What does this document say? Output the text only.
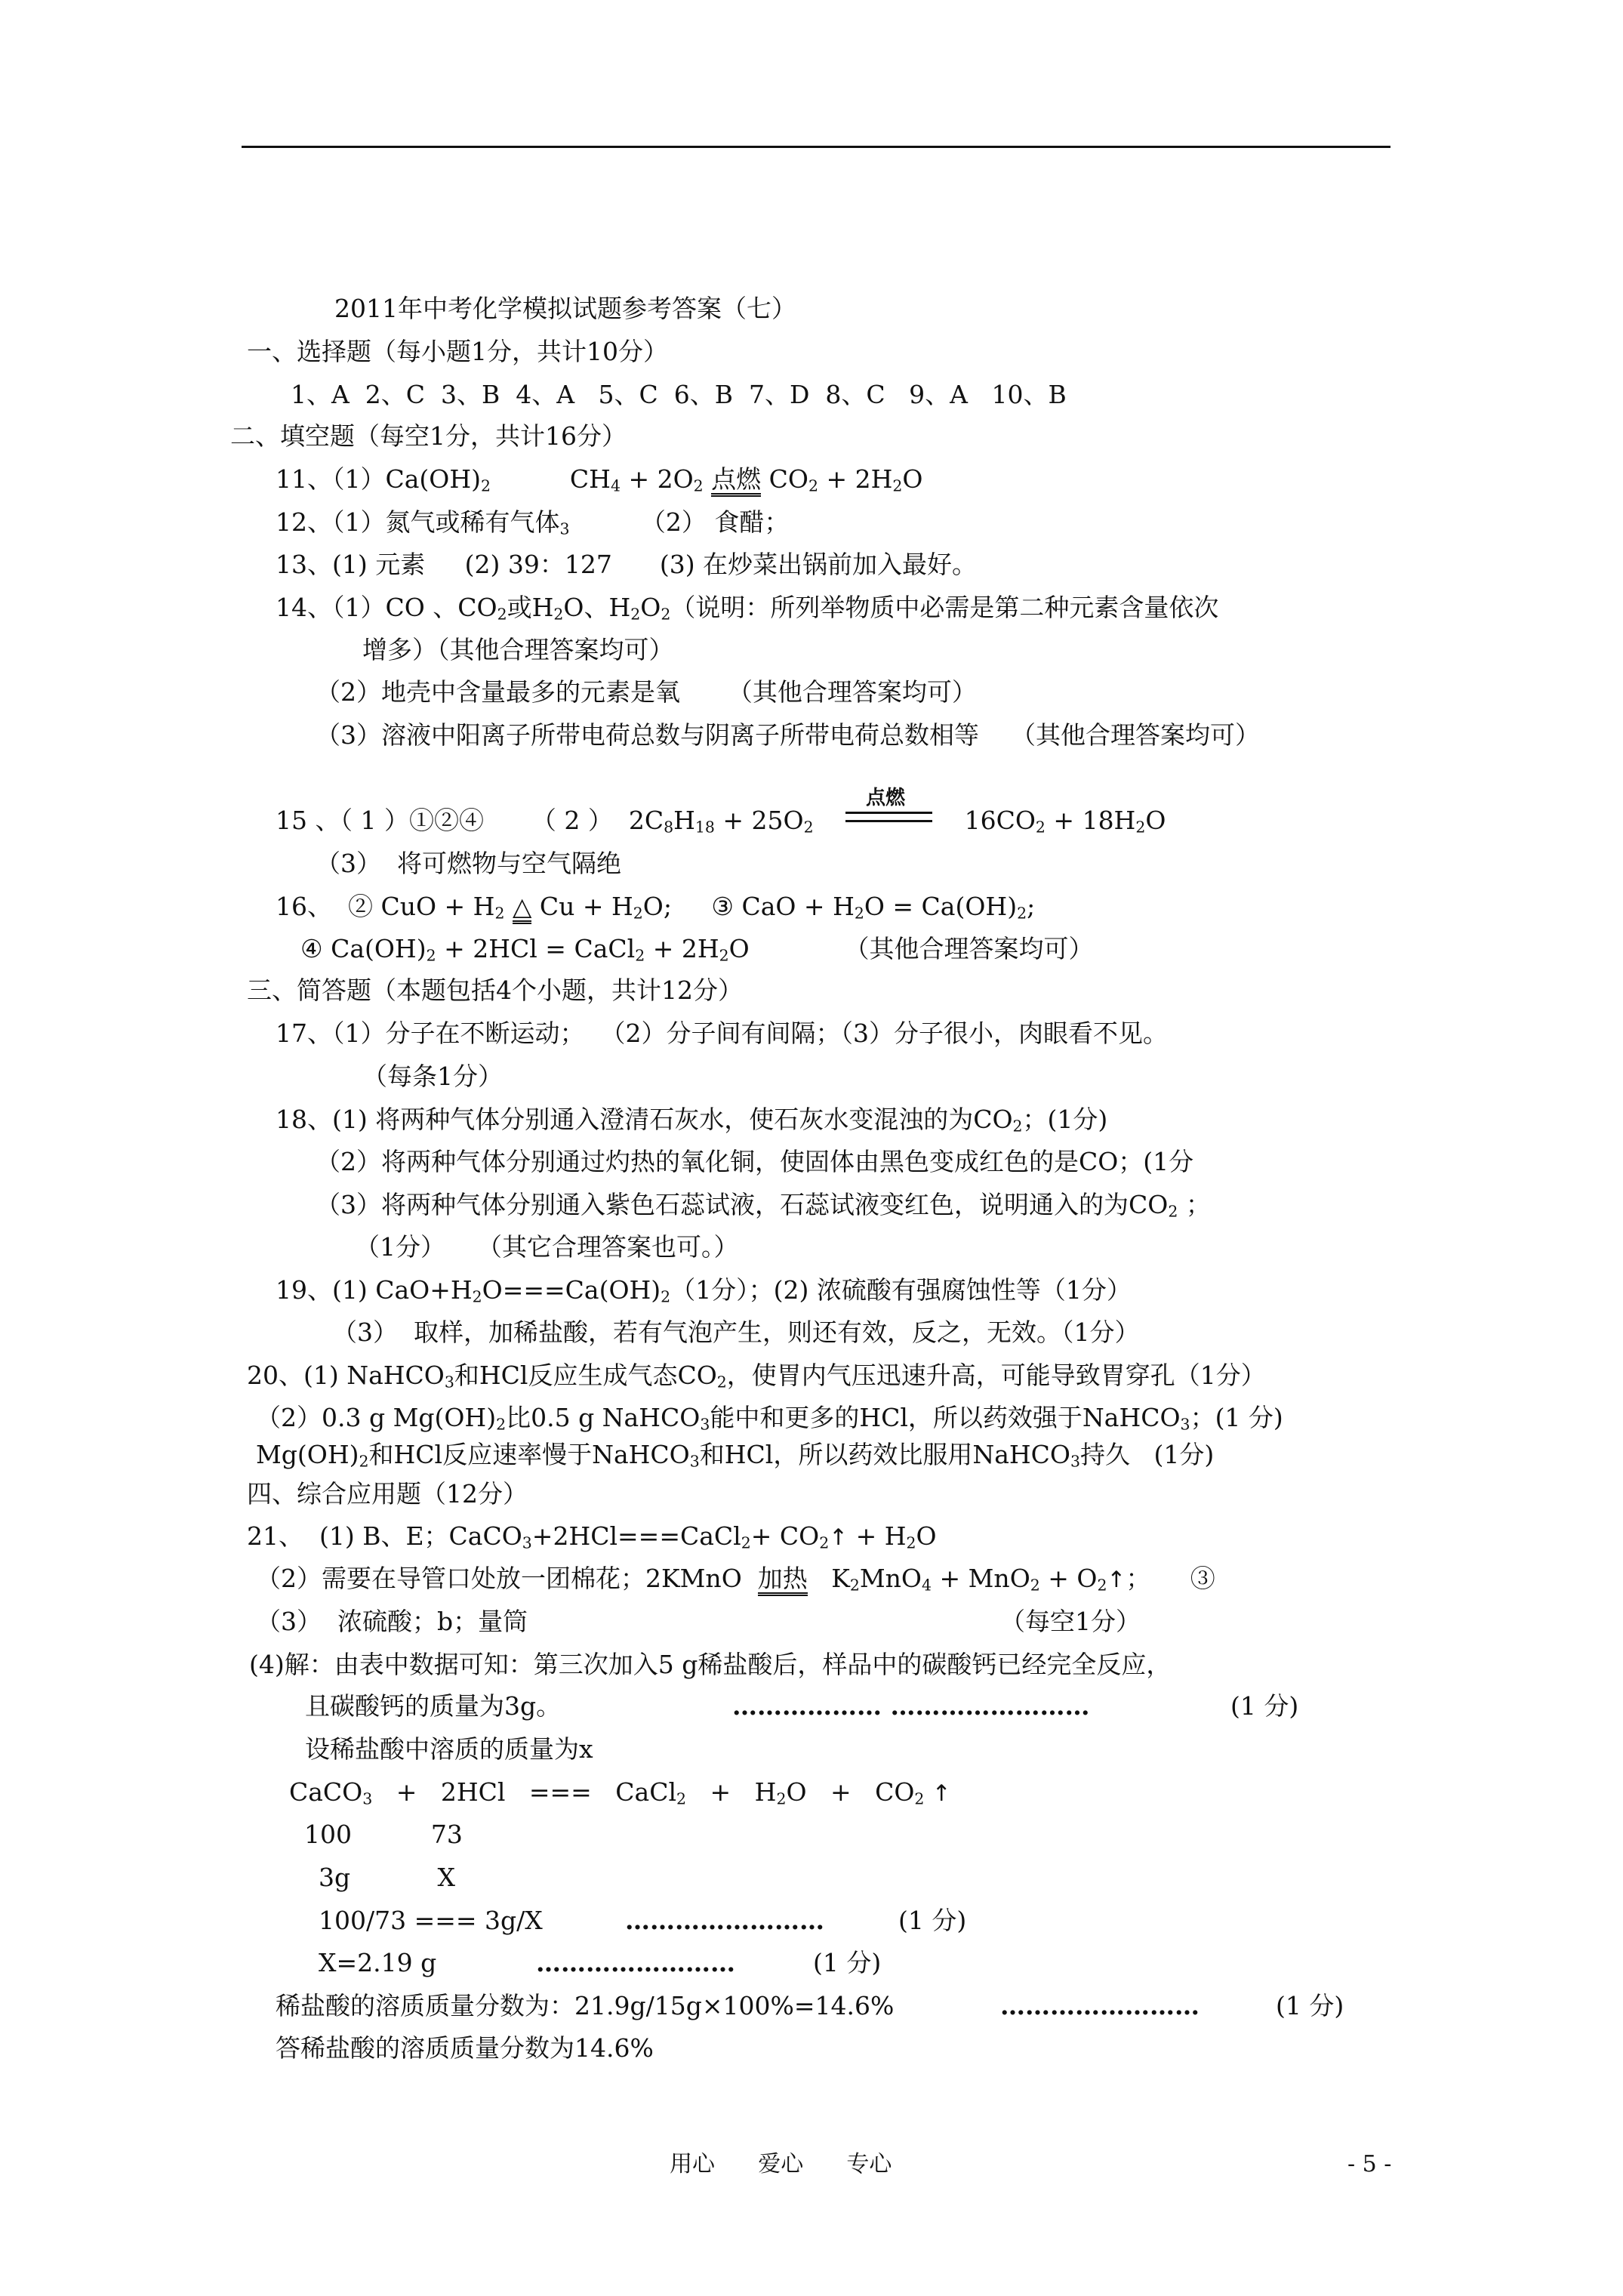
2011年中考化学模拟试题参考答案（七）
一、选择题（每小题1分，共计10分）
1、A  2、C  3、B  4、A   5、C  6、B  7、D  8、C   9、A   10、B
二、填空题（每空1分，共计16分）
11、$(1)Ca(OH)_2$          $CH_4 + 2O_2$ 点燃 $CO_2 + 2H_2O$
12、（1）氮气或稀有气体$_3$         （2） 食醋；
13、(1) 元素     (2) 39：127      (3) 在炒菜出锅前加入最好。
14、（1）CO 、$CO_2$或$H_2O$、$H_2O_2$（说明：所列举物质中必需是第二种元素含量依次
增多）（其他合理答案均可）
（2）地壳中含量最多的元素是氧      （其他合理答案均可）
（3）溶液中阳离子所带电荷总数与阴离子所带电荷总数相等    （其他合理答案均可）
15 、（ 1 ）①②④      （ 2 ）  $2C_8H_{18} + 25O_2$	$16CO_2 + 18H_2O$
点燃
（3）  将可燃物与空气隔绝
16、  ② CuO + $H_2$ △ $Cu + H_2O$;     ③ CaO + $H_2O = Ca(OH)_2$;
④ $Ca(OH)_2 + 2HCl$ = CaCl$_2$ + $2H_2O$            （其他合理答案均可）
三、简答题（本题包括4个小题，共计12分）
17、（1）分子在不断运动；  （2）分子间有间隔；（3）分子很小，肉眼看不见。
（每条1分）
18、(1) 将两种气体分别通入澄清石灰水，使石灰水变混浊的为$CO_2$；(1分)
（2）将两种气体分别通过灼热的氧化铜，使固体由黑色变成红色的是CO；(1分
（3）将两种气体分别通入紫色石蕊试液，石蕊试液变红色，说明通入的为$CO_2$ ；
（1分）    （其它合理答案也可。）
19、(1) $CaO+H_2O===Ca(OH)_2(1$分）；(2) 浓硫酸有强腐蚀性等（1分）
（3）  取样，加稀盐酸，若有气泡产生，则还有效，反之，无效。（1分）
20、(1) NaHCO$_3$和HCl反应生成气态$CO_2$，使胃内气压迅速升高，可能导致胃穿孔（1分）
（2）0.3 g $Mg(OH)_2$比0.5 g NaHCO$_3$能中和更多的HCl，所以药效强于NaHCO$_3$；(1 分)
$Mg(OH)_2$和HCl反应速率慢于NaHCO$_3$和HCl，所以药效比服用NaHCO$_3$持久   (1分)
四、综合应用题（12分）
21、  (1) B、E；CaCO$_3$+2HCl===CaCl$_2$+ $CO_2↑ + H_2O$
（2）需要在导管口处放一团棉花；2KMnO 加热   $K_2MnO_4 + MnO_2$ + $O_2↑$；     ③
（3）  浓硫酸；b；量筒	（每空1分）
(4)解：由表中数据可知：第三次加入5 g稀盐酸后，样品中的碳酸钙已经完全反应，
且碳酸钙的质量为3g。	……………… ……………………	(1 分)
设稀盐酸中溶质的质量为x
CaCO$_3$   +   2HCl   ===   CaCl$_2$   +   $H_2O + CO_2$ ↑
100          73
3g           X
100/73 === 3g/X	……………………	(1 分)
X=2.19 g	……………………	(1 分)
稀盐酸的溶质质量分数为：21.9g/15g×100%=14.6%	……………………	(1 分)
答稀盐酸的溶质质量分数为14.6%
用心      爱心      专心	- 5 -
